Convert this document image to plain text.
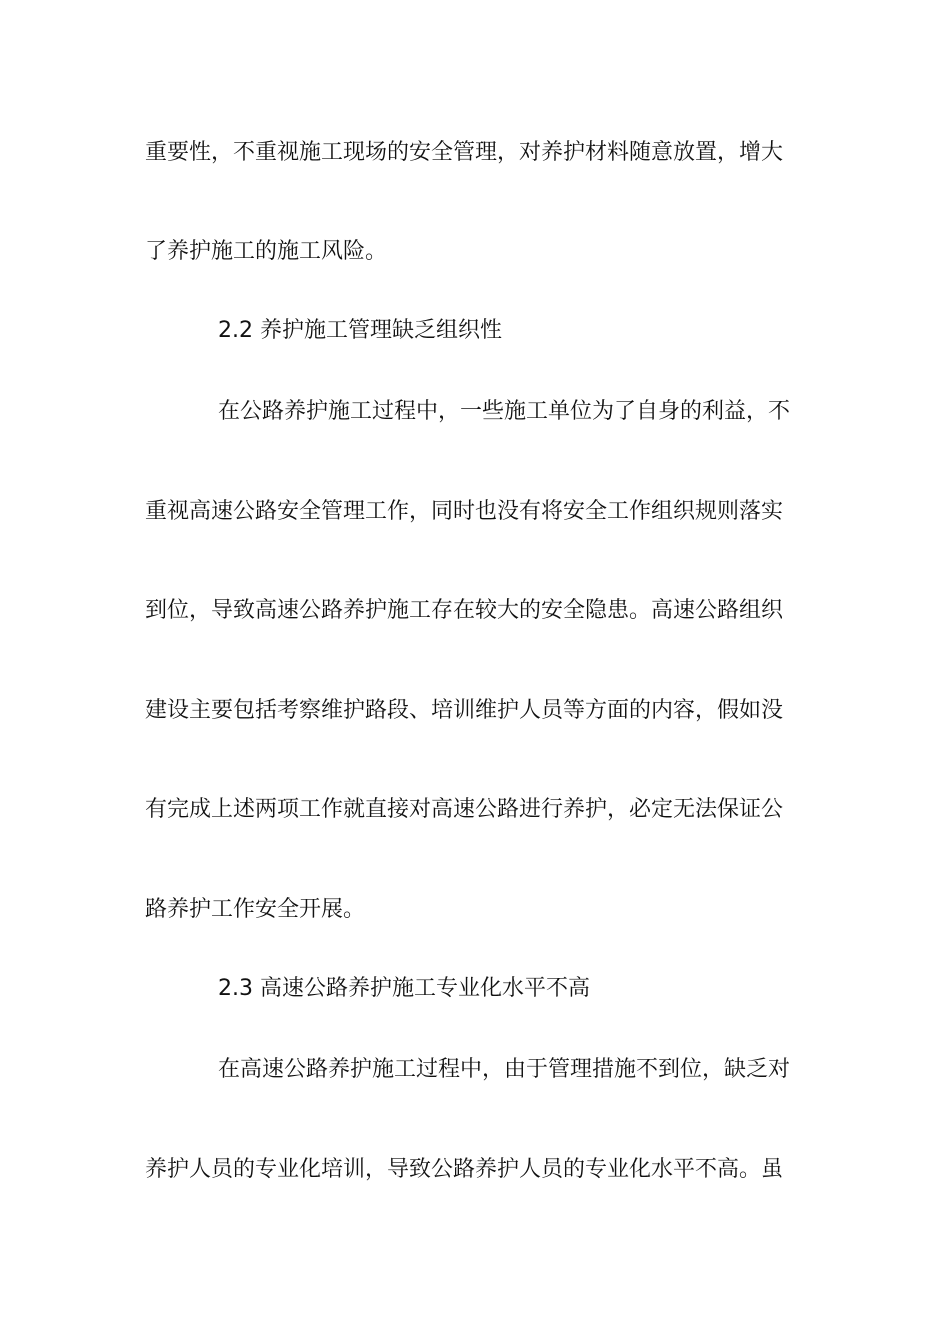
重要性，不重视施工现场的安全管理，对养护材料随意放置，增大
了养护施工的施工风险。
2.2 养护施工管理缺乏组织性
在公路养护施工过程中，一些施工单位为了自身的利益，不
重视高速公路安全管理工作，同时也没有将安全工作组织规则落实
到位，导致高速公路养护施工存在较大的安全隐患。高速公路组织
建设主要包括考察维护路段、培训维护人员等方面的内容，假如没
有完成上述两项工作就直接对高速公路进行养护，必定无法保证公
路养护工作安全开展。
2.3 高速公路养护施工专业化水平不高
在高速公路养护施工过程中，由于管理措施不到位，缺乏对
养护人员的专业化培训，导致公路养护人员的专业化水平不高。虽
